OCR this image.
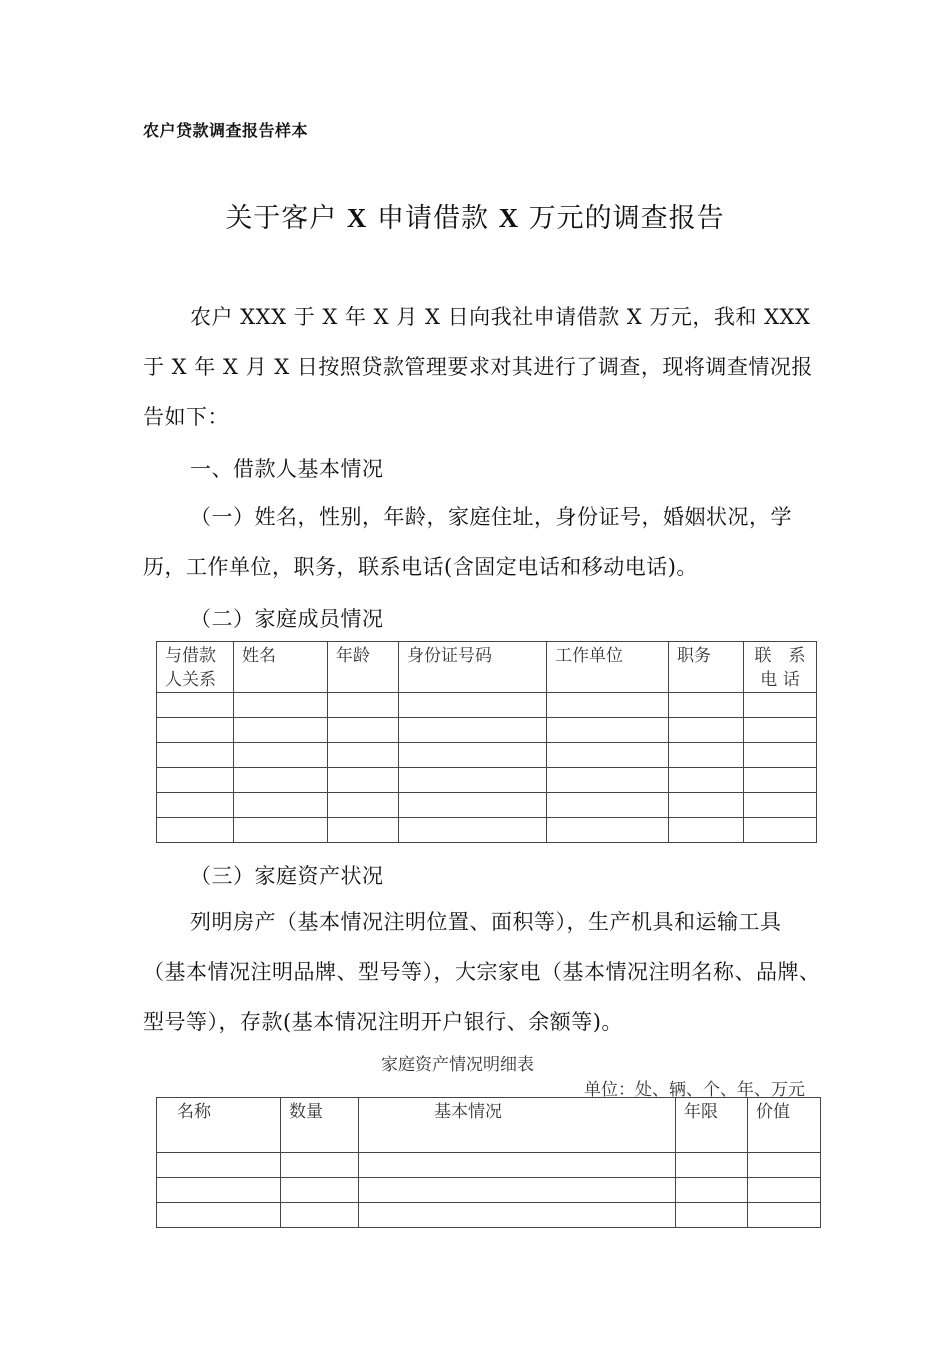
农户贷款调查报告样本
关于客户 X 申请借款 X 万元的调查报告

农户 XXX 于 X 年 X 月 X 日向我社申请借款 X 万元，我和 XXX 于 X 年 X 月 X 日按照贷款管理要求对其进行了调查，现将调查情况报告如下：

一、借款人基本情况

（一）姓名，性别，年龄，家庭住址，身份证号，婚姻状况，学历，工作单位，职务，联系电话(含固定电话和移动电话)。

（二）家庭成员情况
与借款
人关系	姓名	年龄	身份证号码	工作单位	职务	联　系
电 话

（三）家庭资产状况

列明房产（基本情况注明位置、面积等），生产机具和运输工具（基本情况注明品牌、型号等），大宗家电（基本情况注明名称、品牌、型号等），存款(基本情况注明开户银行、余额等)。

家庭资产情况明细表
单位：处、辆、个、年、万元
名称	数量	基本情况	年限	价值
